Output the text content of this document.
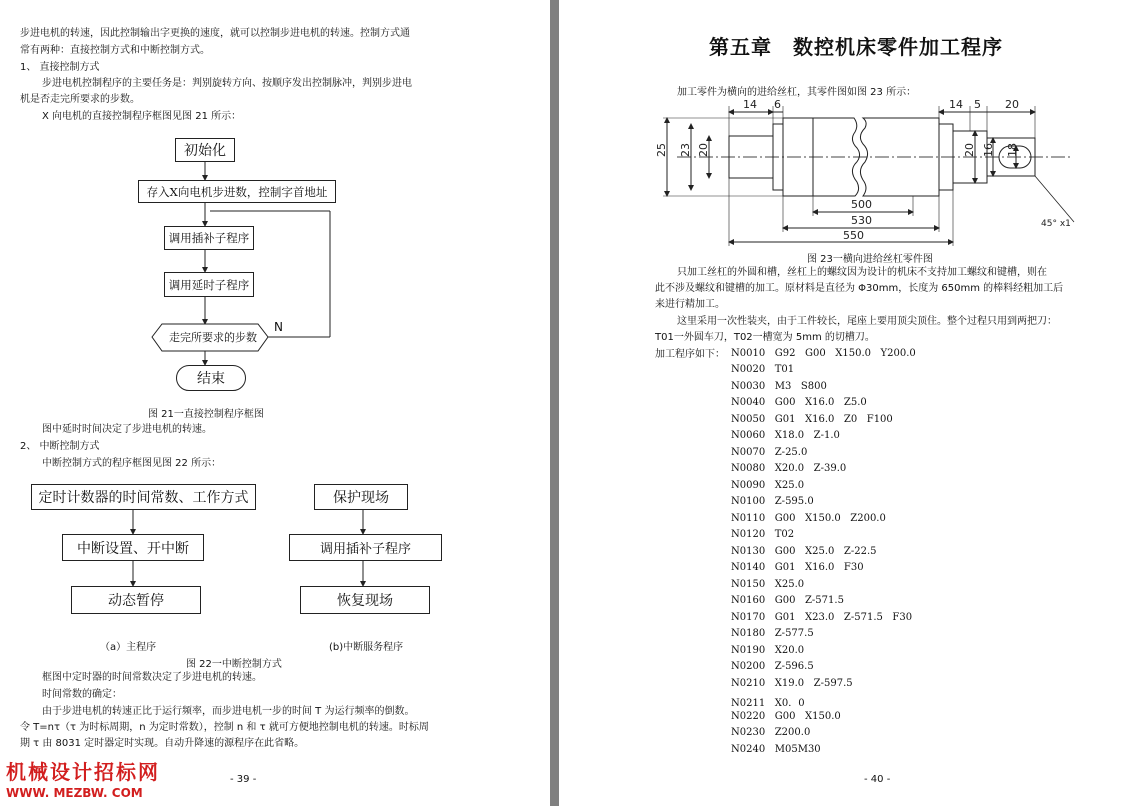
步进电机的转速，因此控制输出字更换的速度，就可以控制步进电机的转速。控制方式通
常有两种：直接控制方式和中断控制方式。
1、 直接控制方式
步进电机控制程序的主要任务是：判别旋转方向、按顺序发出控制脉冲，判别步进电
机是否走完所要求的步数。
X 向电机的直接控制程序框图见图 21 所示：
初始化
存入X向电机步进数，控制字首地址
调用插补子程序
调用延时子程序
走完所要求的步数
N
结束
图 21一直接控制程序框图
图中延时时间决定了步进电机的转速。
2、 中断控制方式
中断控制方式的程序框图见图 22 所示：
定时计数器的时间常数、工作方式
中断设置、开中断
动态暂停
保护现场
调用插补子程序
恢复现场
（a）主程序	(b)中断服务程序
图 22一中断控制方式
框图中定时器的时间常数决定了步进电机的转速。
时间常数的确定：
由于步进电机的转速正比于运行频率，而步进电机一步的时间 T 为运行频率的倒数。
令 T=nτ（τ 为时标周期，n 为定时常数），控制 n 和 τ 就可方便地控制电机的转速。时标周
期 τ 由 8031 定时器定时实现。自动升降速的源程序在此省略。
- 39 -
第五章　数控机床零件加工程序
加工零件为横向的进给丝杠，其零件图如图 23 所示：
25 23 20	20 16 18
14 6	14 5 20
500
530
550
45° x1
图 23一横向进给丝杠零件图
只加工丝杠的外圆和槽，丝杠上的螺纹因为设计的机床不支持加工螺纹和键槽，则在
此不涉及螺纹和键槽的加工。原材料是直径为 Φ30mm，长度为 650mm 的棒料经粗加工后
来进行精加工。
这里采用一次性装夹，由于工件较长，尾座上要用顶尖顶住。整个过程只用到两把刀：
T01一外圆车刀，T02一槽宽为 5mm 的切槽刀。
加工程序如下： N0010   G92   G00   X150.0   Y200.0
N0020   T01
N0030   M3   S800
N0040   G00   X16.0   Z5.0
N0050   G01   X16.0   Z0   F100
N0060   X18.0   Z-1.0
N0070   Z-25.0
N0080   X20.0   Z-39.0
N0090   X25.0
N0100   Z-595.0
N0110   G00   X150.0   Z200.0
N0120   T02
N0130   G00   X25.0   Z-22.5
N0140   G01   X16.0   F30
N0150   X25.0
N0160   G00   Z-571.5
N0170   G01   X23.0   Z-571.5   F30
N0180   Z-577.5
N0190   X20.0
N0200   Z-596.5
N0210   X19.0   Z-597.5
N0211   X0．0
N0220   G00   X150.0
N0230   Z200.0
N0240   M05M30
- 40 -
机械设计招标网
WWW. MEZBW. COM
